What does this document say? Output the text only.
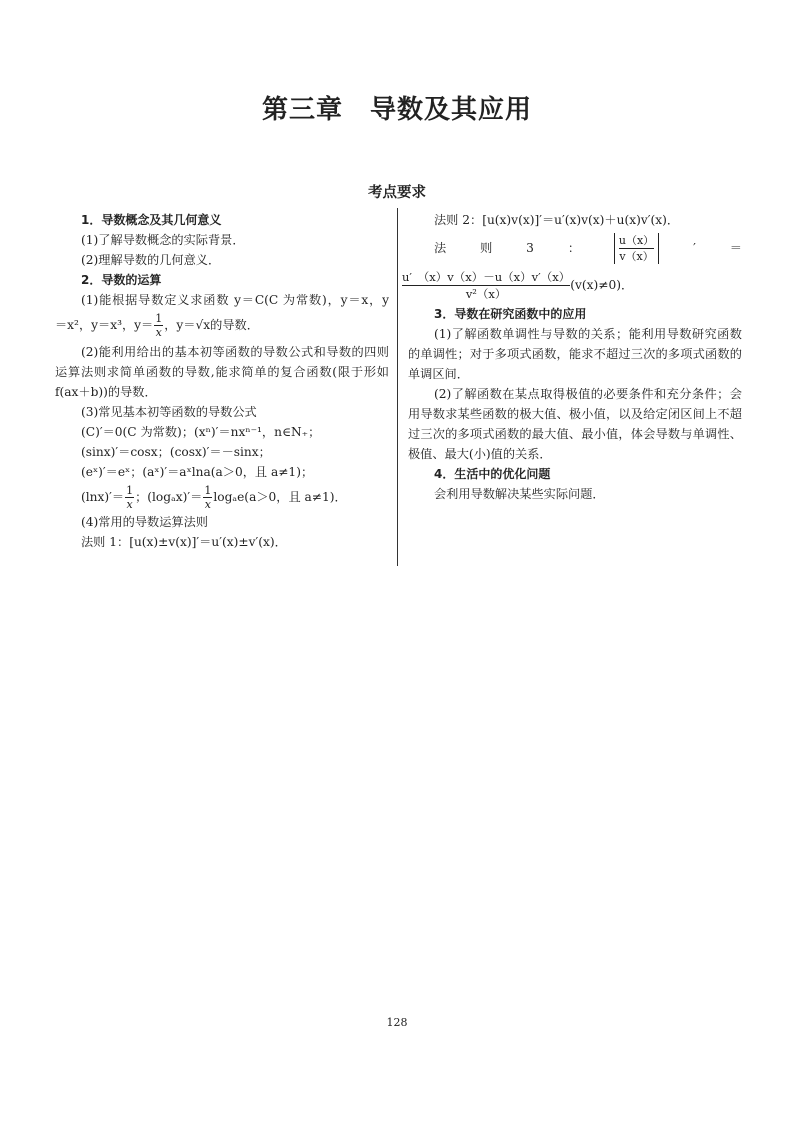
第三章　导数及其应用
考点要求
1．导数概念及其几何意义
(1)了解导数概念的实际背景．
(2)理解导数的几何意义．
2．导数的运算
(1)能根据导数定义求函数 y＝C(C 为常数)，y＝x，y
＝x²，y＝x³，$y= \frac{1}{x}$ ，y＝√x的导数．
(2)能利用给出的基本初等函数的导数公式和导数的四则运算法则求简单函数的导数,能求简单的复合函数(限于形如 f(ax＋b))的导数．
(3)常见基本初等函数的导数公式
(C)′＝0(C 为常数)；(xⁿ)′＝nxⁿ⁻¹，n∈N₊；
(sinx)′＝cosx；(cosx)′＝－sinx；
(eˣ)′＝eˣ；(aˣ)′＝aˣlna(a＞0，且 a≠1)；
$(\ln x)'= \frac{1}{x}$ ；$(\log_ax)'= \frac{1}{x} \log_ae(a>0$，且 a≠1)．
(4)常用的导数运算法则
法则 1：[u(x)±v(x)]′＝u′(x)±v′(x)．
法则 2：[u(x)v(x)]′＝u′(x)v(x)＋u(x)v′(x)．
法	则	3	：	$\frac{u(x)}{v(x)}$	′	＝
$\frac{u' (x)v(x)-u(x)v'(x)}{\text{v²（x）}} (v(x)\ne 0)$．
3．导数在研究函数中的应用
(1)了解函数单调性与导数的关系；能利用导数研究函数的单调性；对于多项式函数，能求不超过三次的多项式函数的单调区间．
(2)了解函数在某点取得极值的必要条件和充分条件；会用导数求某些函数的极大值、极小值，以及给定闭区间上不超过三次的多项式函数的最大值、最小值，体会导数与单调性、极值、最大(小)值的关系．
4．生活中的优化问题
会利用导数解决某些实际问题．
128
